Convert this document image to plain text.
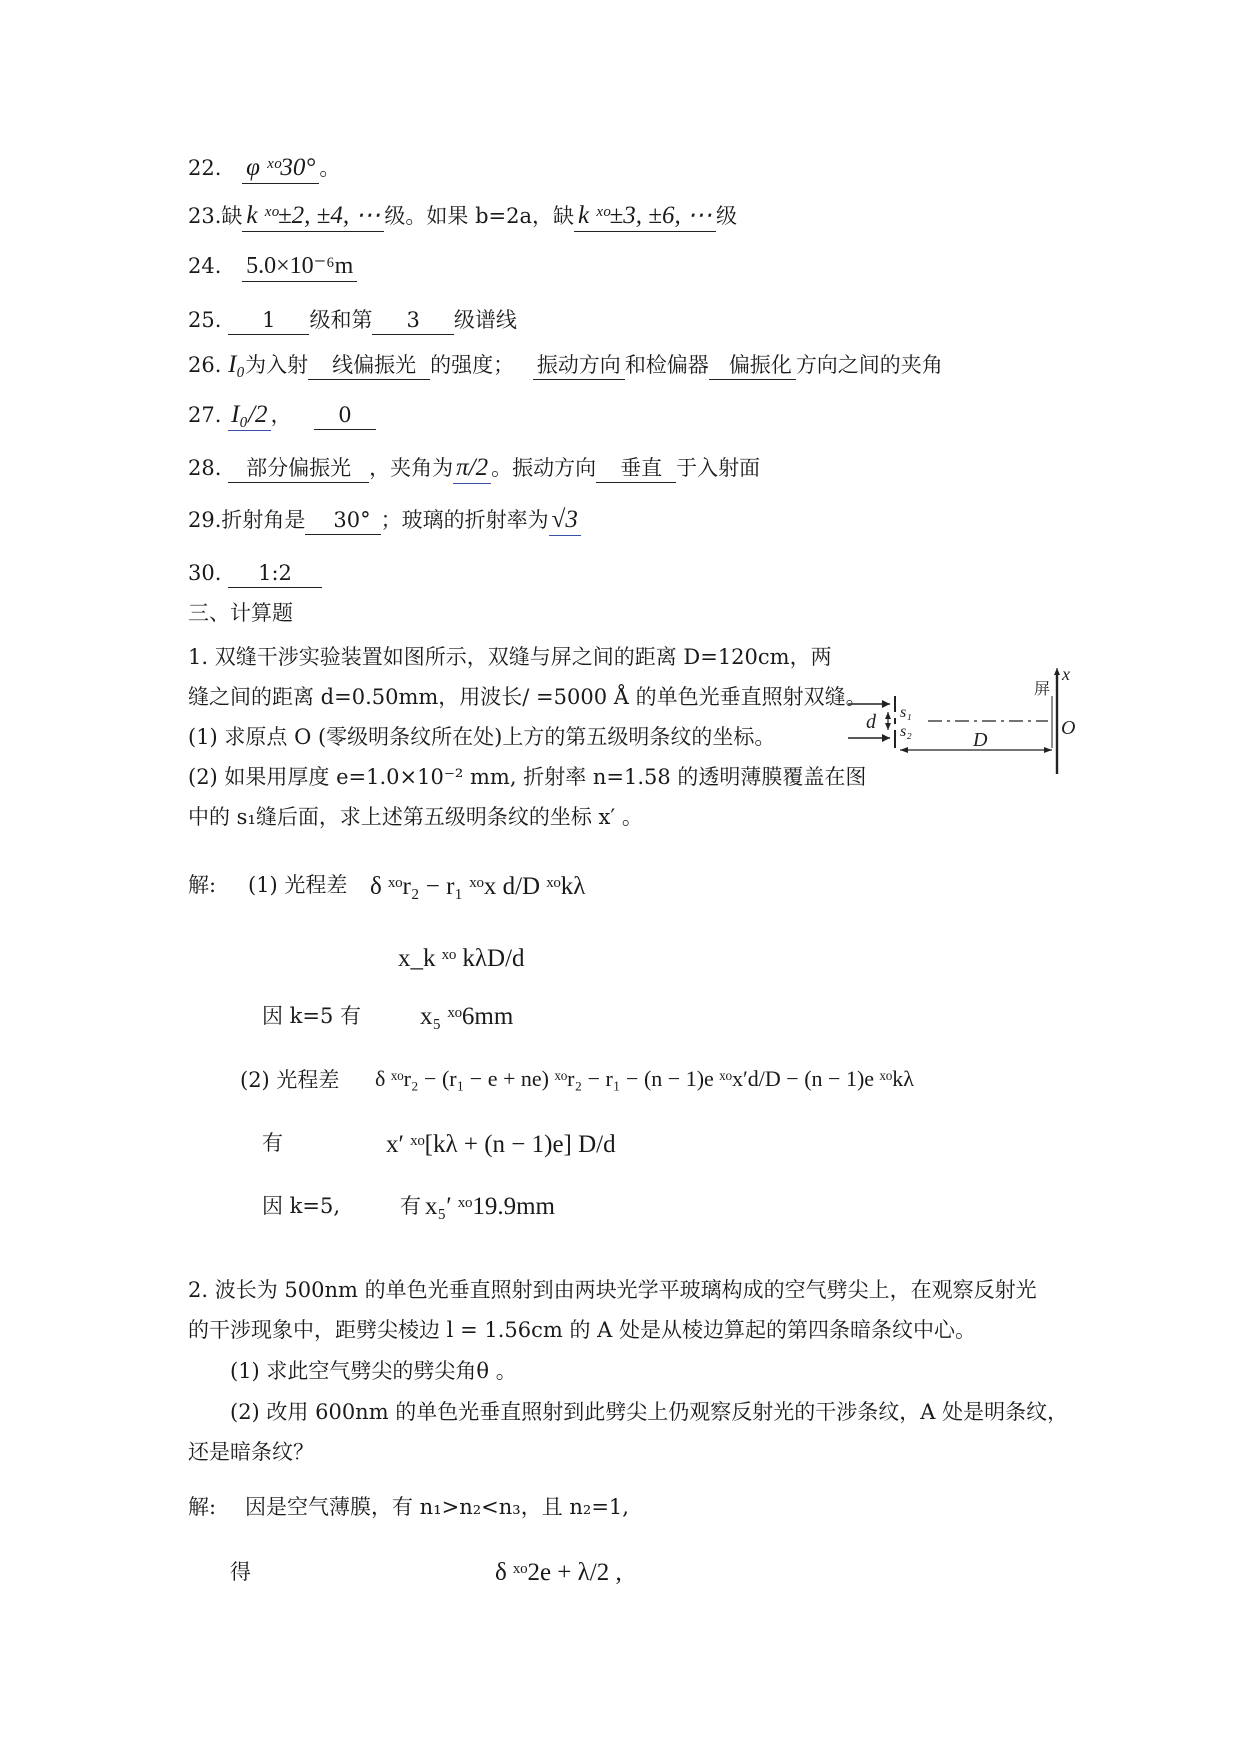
22. φ ˣᵒ30° 。
23.缺 k ˣᵒ±2, ±4, ⋯ 级。如果 b=2a，缺 k ˣᵒ±3, ±6, ⋯ 级
24. 5.0×10⁻⁶m
25. 1 级和第 3 级谱线
26. I₀为入射 线偏振光 的强度； 振动方向 和检偏器 偏振化 方向之间的夹角
27. I₀/2 ， 0
28. 部分偏振光 ，夹角为 π/2 。振动方向 垂直 于入射面
29.折射角是 30° ；玻璃的折射率为 √3
30. 1:2
三、计算题
1. 双缝干涉实验装置如图所示，双缝与屏之间的距离 D=120cm，两
缝之间的距离 d=0.50mm，用波长/ =5000 Å 的单色光垂直照射双缝。
(1) 求原点 O (零级明条纹所在处)上方的第五级明条纹的坐标。
(2) 如果用厚度 e=1.0×10⁻² mm, 折射率 n=1.58 的透明薄膜覆盖在图
中的 s₁缝后面，求上述第五级明条纹的坐标 x′ 。
d s₁
s₂
x
屏
O
D
解: (1) 光程差 δ ˣᵒr₂ − r₁ ˣᵒx d/D ˣᵒkλ
x_k ˣᵒ kλD/d
因 k=5 有 x₅ ˣᵒ6mm
(2) 光程差 δ ˣᵒr₂ − (r₁ − e + ne) ˣᵒr₂ − r₁ − (n − 1)e ˣᵒx′d/D − (n − 1)e ˣᵒkλ
有	x′ ˣᵒ[kλ + (n − 1)e] D/d
因 k=5,	有 x₅′ ˣᵒ19.9mm
2. 波长为 500nm 的单色光垂直照射到由两块光学平玻璃构成的空气劈尖上，在观察反射光
的干涉现象中，距劈尖棱边 l = 1.56cm 的 A 处是从棱边算起的第四条暗条纹中心。
(1) 求此空气劈尖的劈尖角θ 。
(2) 改用 600nm 的单色光垂直照射到此劈尖上仍观察反射光的干涉条纹，A 处是明条纹，
还是暗条纹？
解: 因是空气薄膜，有 n₁>n₂<n₃，且 n₂=1,
得	δ ˣᵒ2e + λ/2 ,
